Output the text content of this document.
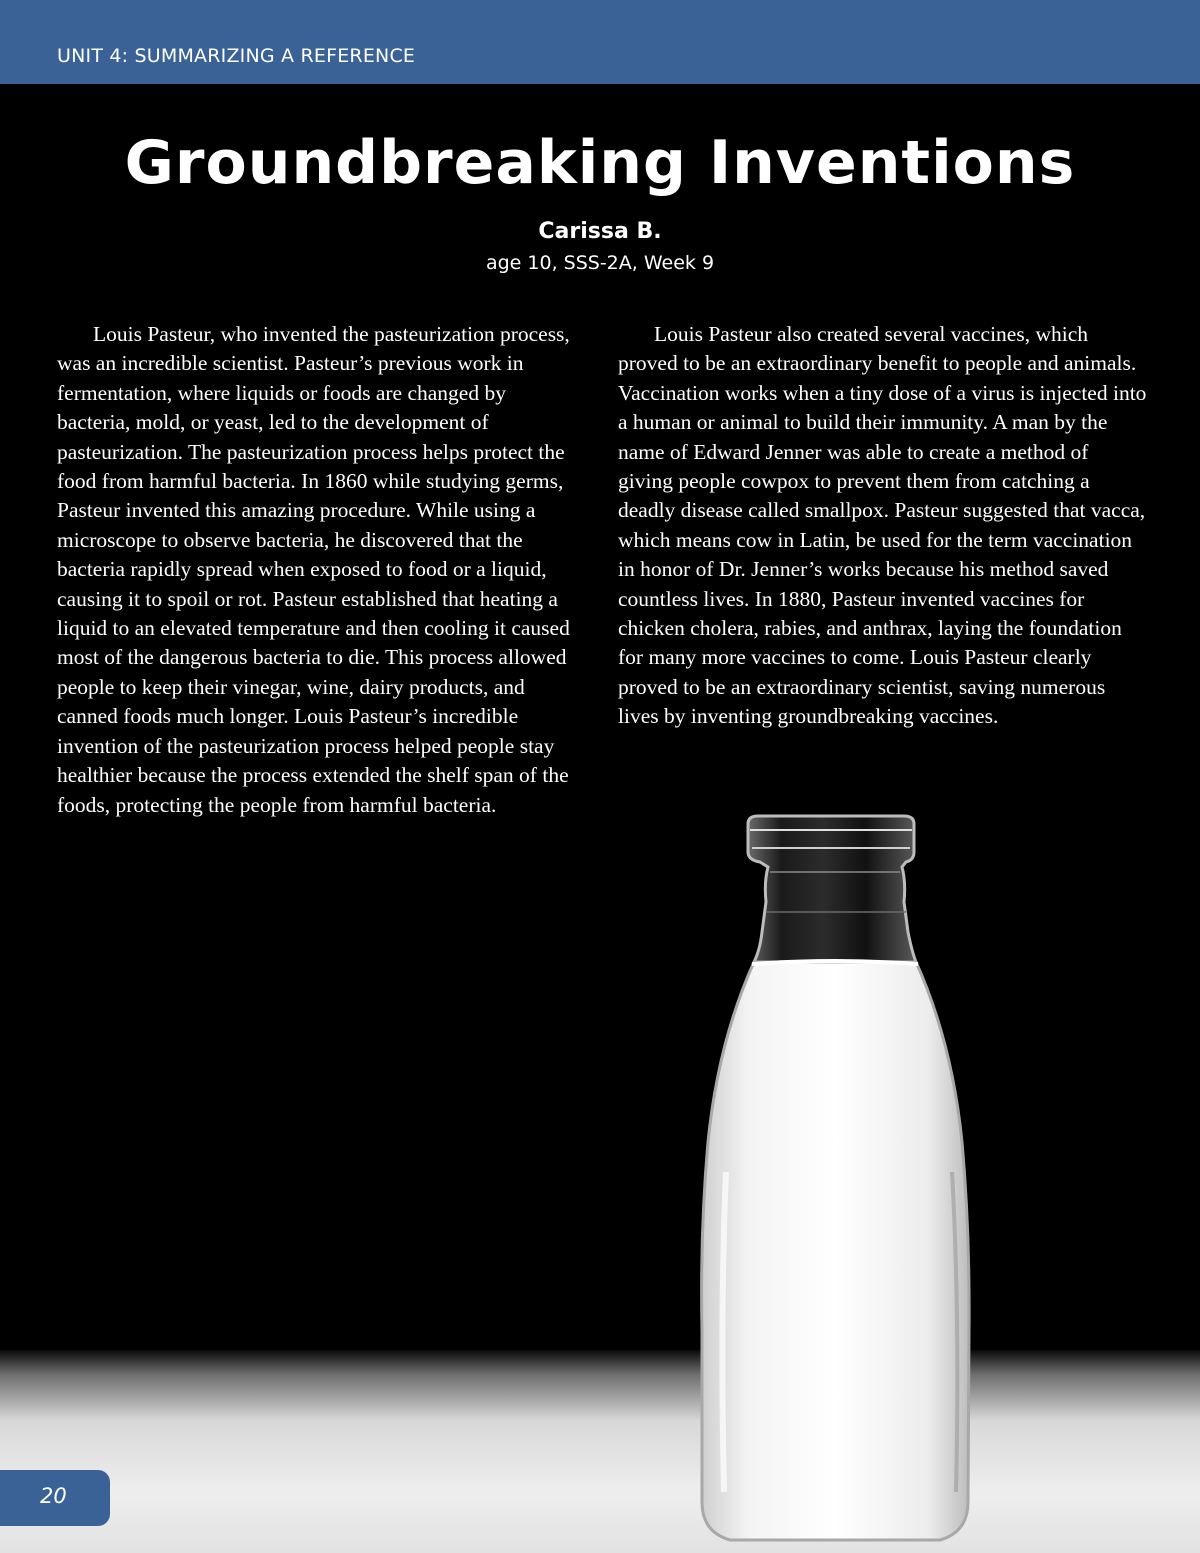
UNIT 4: SUMMARIZING A REFERENCE
Groundbreaking Inventions
Carissa B.
age 10, SSS-2A, Week 9

Louis Pasteur, who invented the pasteurization process, was an incredible scientist. Pasteur’s previous work in fermentation, where liquids or foods are changed by bacteria, mold, or yeast, led to the development of pasteurization. The pasteurization process helps protect the food from harmful bacteria. In 1860 while studying germs, Pasteur invented this amazing procedure. While using a microscope to observe bacteria, he discovered that the bacteria rapidly spread when exposed to food or a liquid, causing it to spoil or rot. Pasteur established that heating a liquid to an elevated temperature and then cooling it caused most of the dangerous bacteria to die. This process allowed people to keep their vinegar, wine, dairy products, and canned foods much longer. Louis Pasteur’s incredible invention of the pasteurization process helped people stay healthier because the process extended the shelf span of the foods, protecting the people from harmful bacteria.

Louis Pasteur also created several vaccines, which proved to be an extraordinary benefit to people and animals. Vaccination works when a tiny dose of a virus is injected into a human or animal to build their immunity. A man by the name of Edward Jenner was able to create a method of giving people cowpox to prevent them from catching a deadly disease called smallpox. Pasteur suggested that vacca, which means cow in Latin, be used for the term vaccination in honor of Dr. Jenner’s works because his method saved countless lives. In 1880, Pasteur invented vaccines for chicken cholera, rabies, and anthrax, laying the foundation for many more vaccines to come. Louis Pasteur clearly proved to be an extraordinary scientist, saving numerous lives by inventing groundbreaking vaccines.

20
